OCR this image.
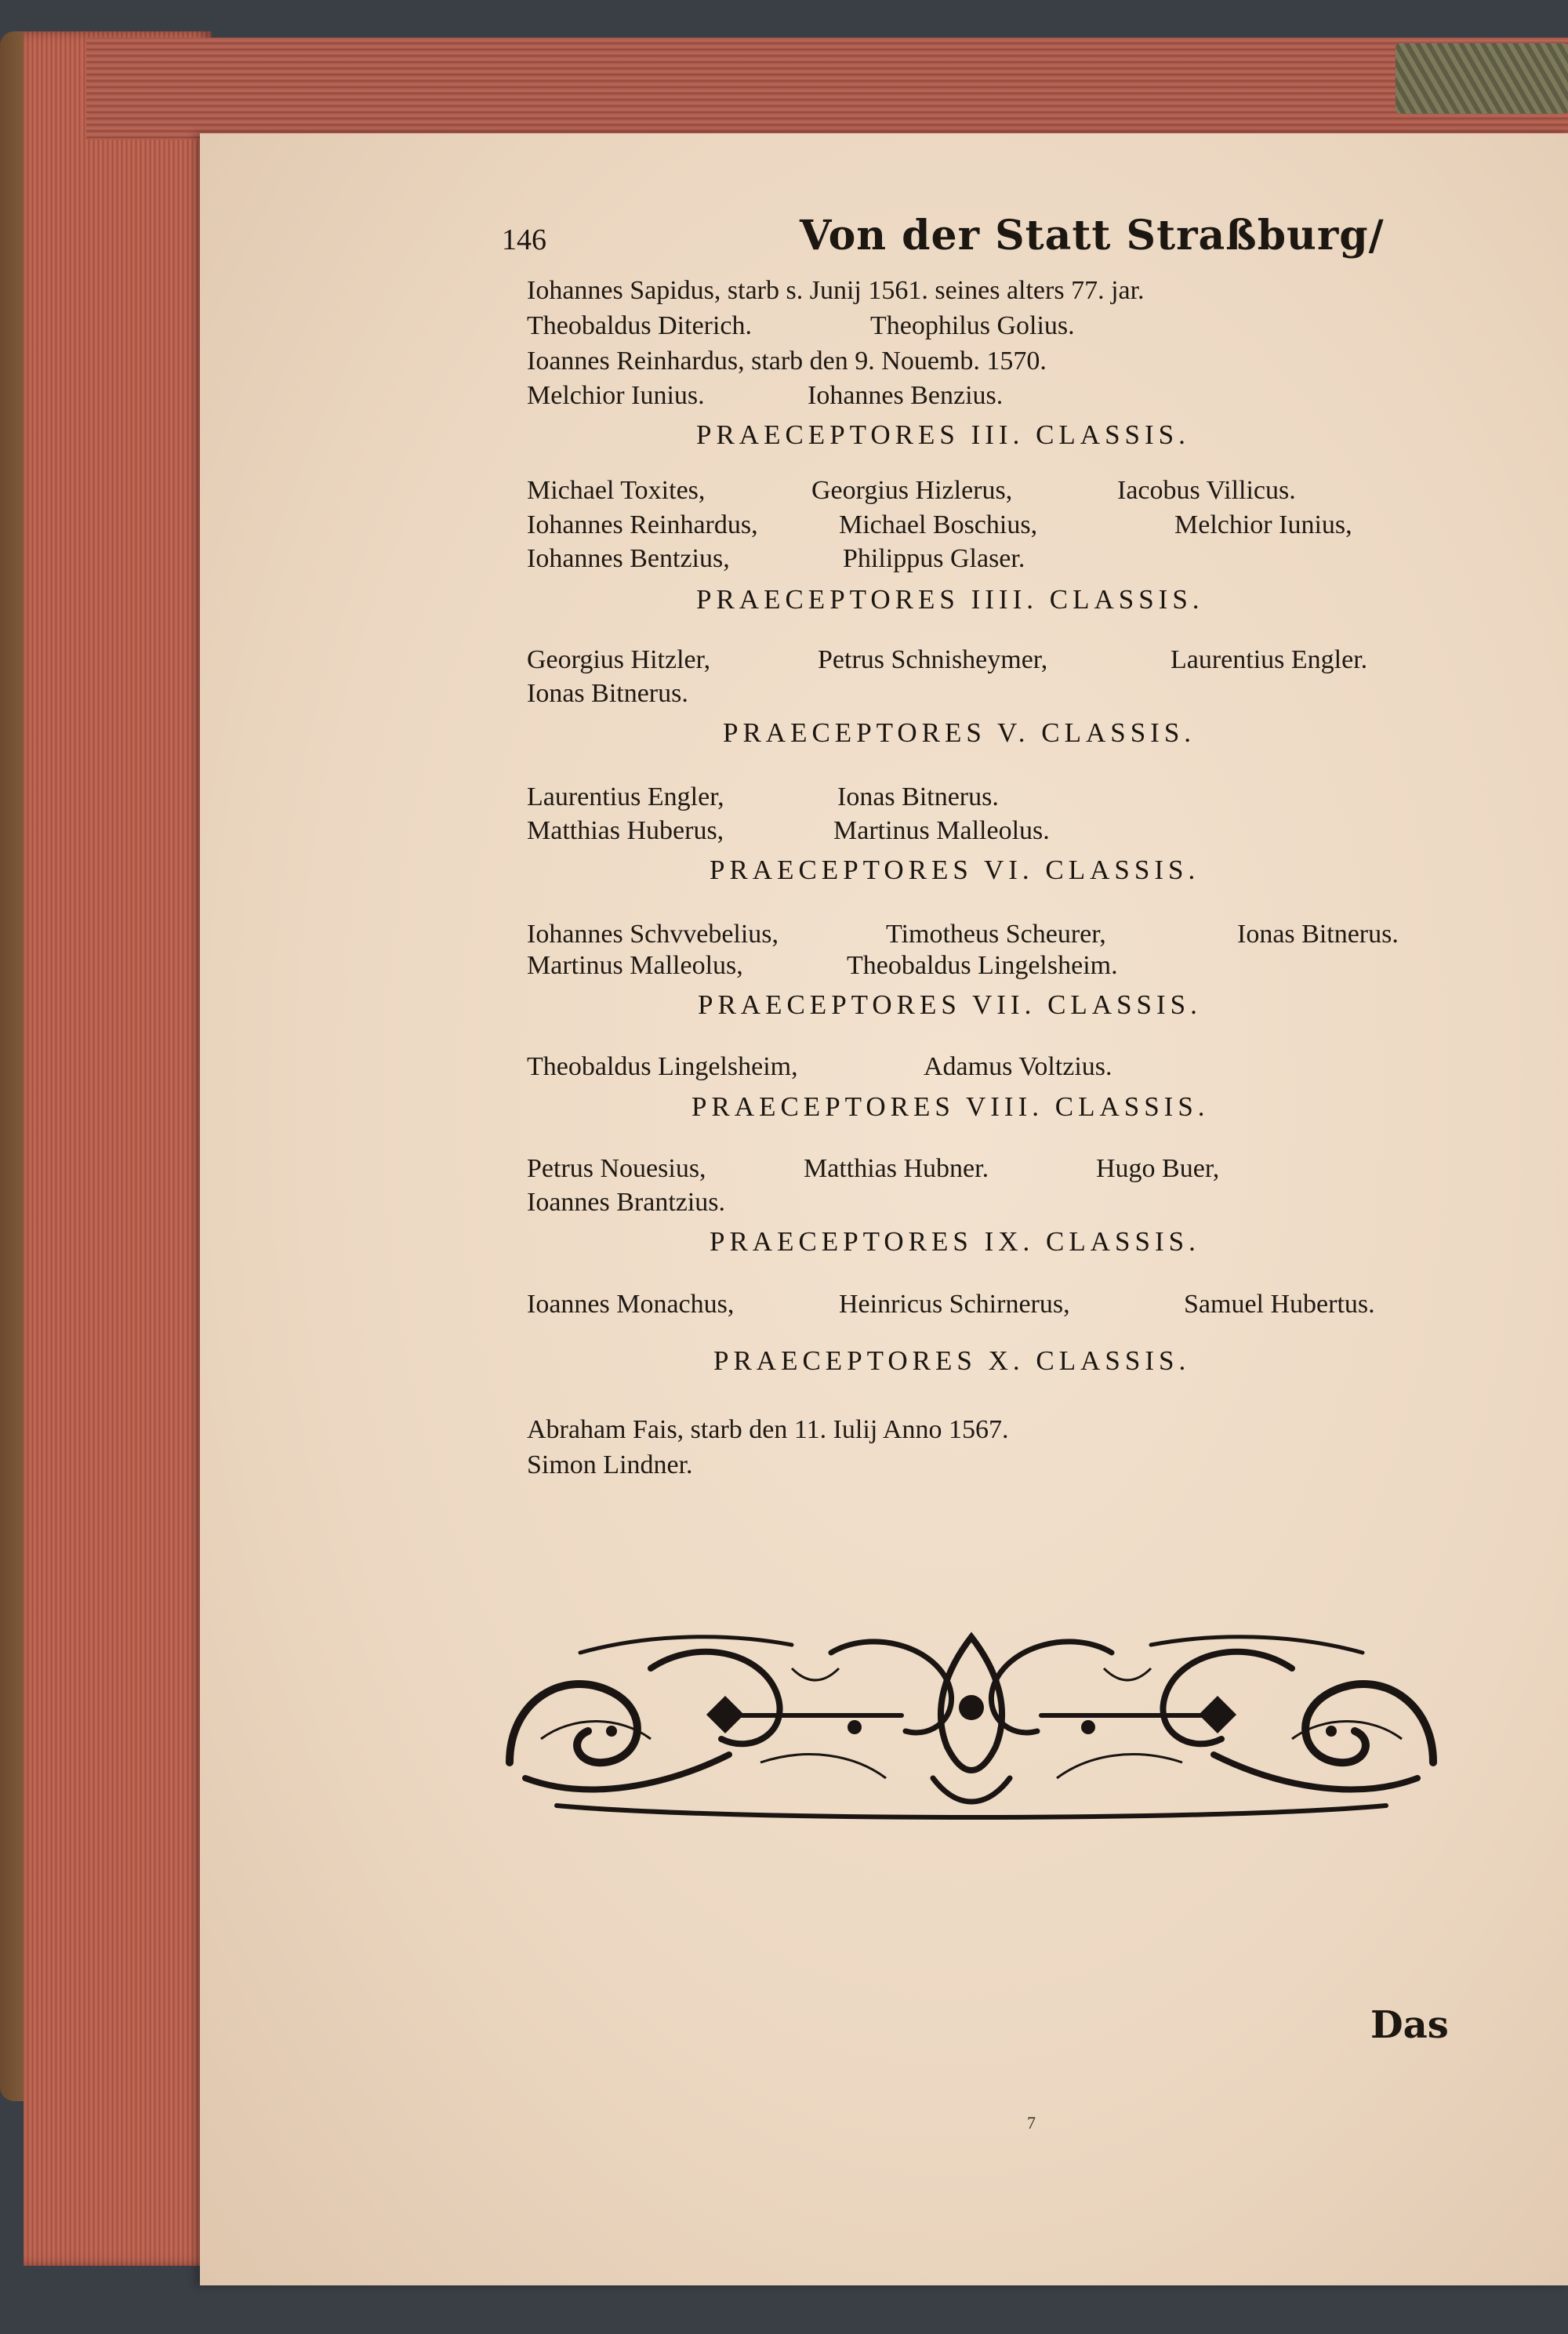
146	Von der Statt Straßburg/
Iohannes Sapidus, starb s. Junij 1561. seines alters 77. jar.
Theobaldus Diterich.	Theophilus Golius.
Ioannes Reinhardus, starb den 9. Nouemb. 1570.
Melchior Iunius.	Iohannes Benzius.
PRAECEPTORES III. CLASSIS.
Michael Toxites,	Georgius Hizlerus,	Iacobus Villicus.
Iohannes Reinhardus,	Michael Boschius,	Melchior Iunius,
Iohannes Bentzius,	Philippus Glaser.
PRAECEPTORES IIII. CLASSIS.
Georgius Hitzler,	Petrus Schnisheymer,	Laurentius Engler.
Ionas Bitnerus.
PRAECEPTORES V. CLASSIS.
Laurentius Engler,	Ionas Bitnerus.
Matthias Huberus,	Martinus Malleolus.
PRAECEPTORES VI. CLASSIS.
Iohannes Schvvebelius,	Timotheus Scheurer,	Ionas Bitnerus.
Martinus Malleolus,	Theobaldus Lingelsheim.
PRAECEPTORES VII. CLASSIS.
Theobaldus Lingelsheim,	Adamus Voltzius.
PRAECEPTORES VIII. CLASSIS.
Petrus Nouesius,	Matthias Hubner.	Hugo Buer,
Ioannes Brantzius.
PRAECEPTORES IX. CLASSIS.
Ioannes Monachus,	Heinricus Schirnerus,	Samuel Hubertus.
PRAECEPTORES X. CLASSIS.
Abraham Fais, starb den 11. Iulij Anno 1567.
Simon Lindner.
Das
7
